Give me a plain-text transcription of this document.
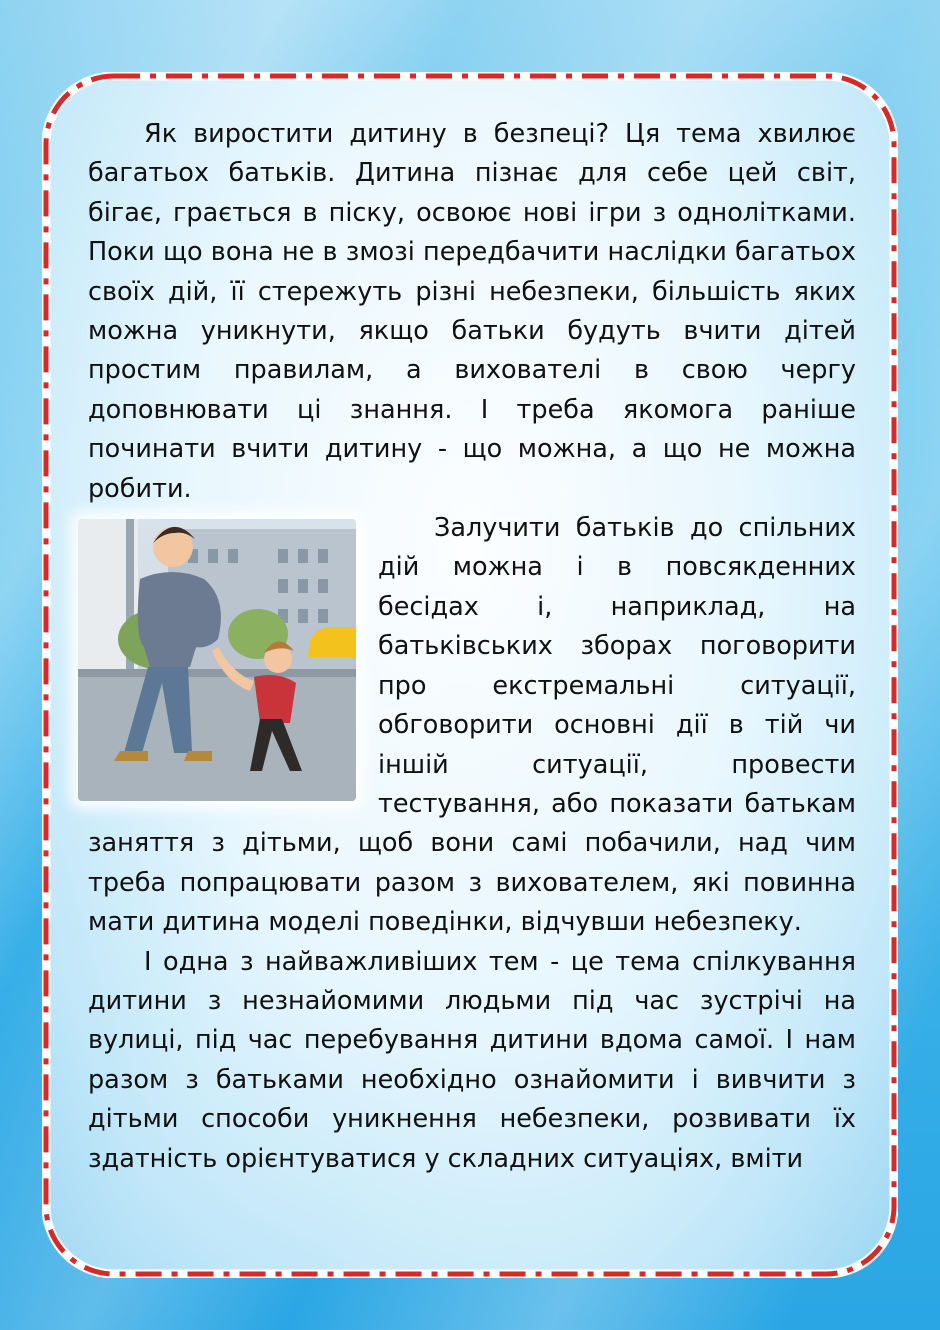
Як виростити дитину в безпеці? Ця тема хвилює багатьох батьків. Дитина пізнає для себе цей світ, бігає, грається в піску, освоює нові ігри з однолітками. Поки що вона не в змозі передбачити наслідки багатьох своїх дій, її стережуть різні небезпеки, більшість яких можна уникнути, якщо батьки будуть вчити дітей простим правилам, а вихователі в свою чергу доповнювати ці знання. І треба якомога раніше починати вчити дитину - що можна, а що не можна робити.

Залучити батьків до спільних дій можна і в повсякденних бесідах і, наприклад, на батьківських зборах поговорити про екстремальні ситуації, обговорити основні дії в тій чи іншій ситуації, провести тестування, або показати батькам заняття з дітьми, щоб вони самі побачили, над чим треба попрацювати разом з вихователем, які повинна мати дитина моделі поведінки, відчувши небезпеку.

І одна з найважливіших тем - це тема спілкування дитини з незнайомими людьми під час зустрічі на вулиці, під час перебування дитини вдома самої. І нам разом з батьками необхідно ознайомити і вивчити з дітьми способи уникнення небезпеки, розвивати їх здатність орієнтуватися у складних ситуаціях, вміти
